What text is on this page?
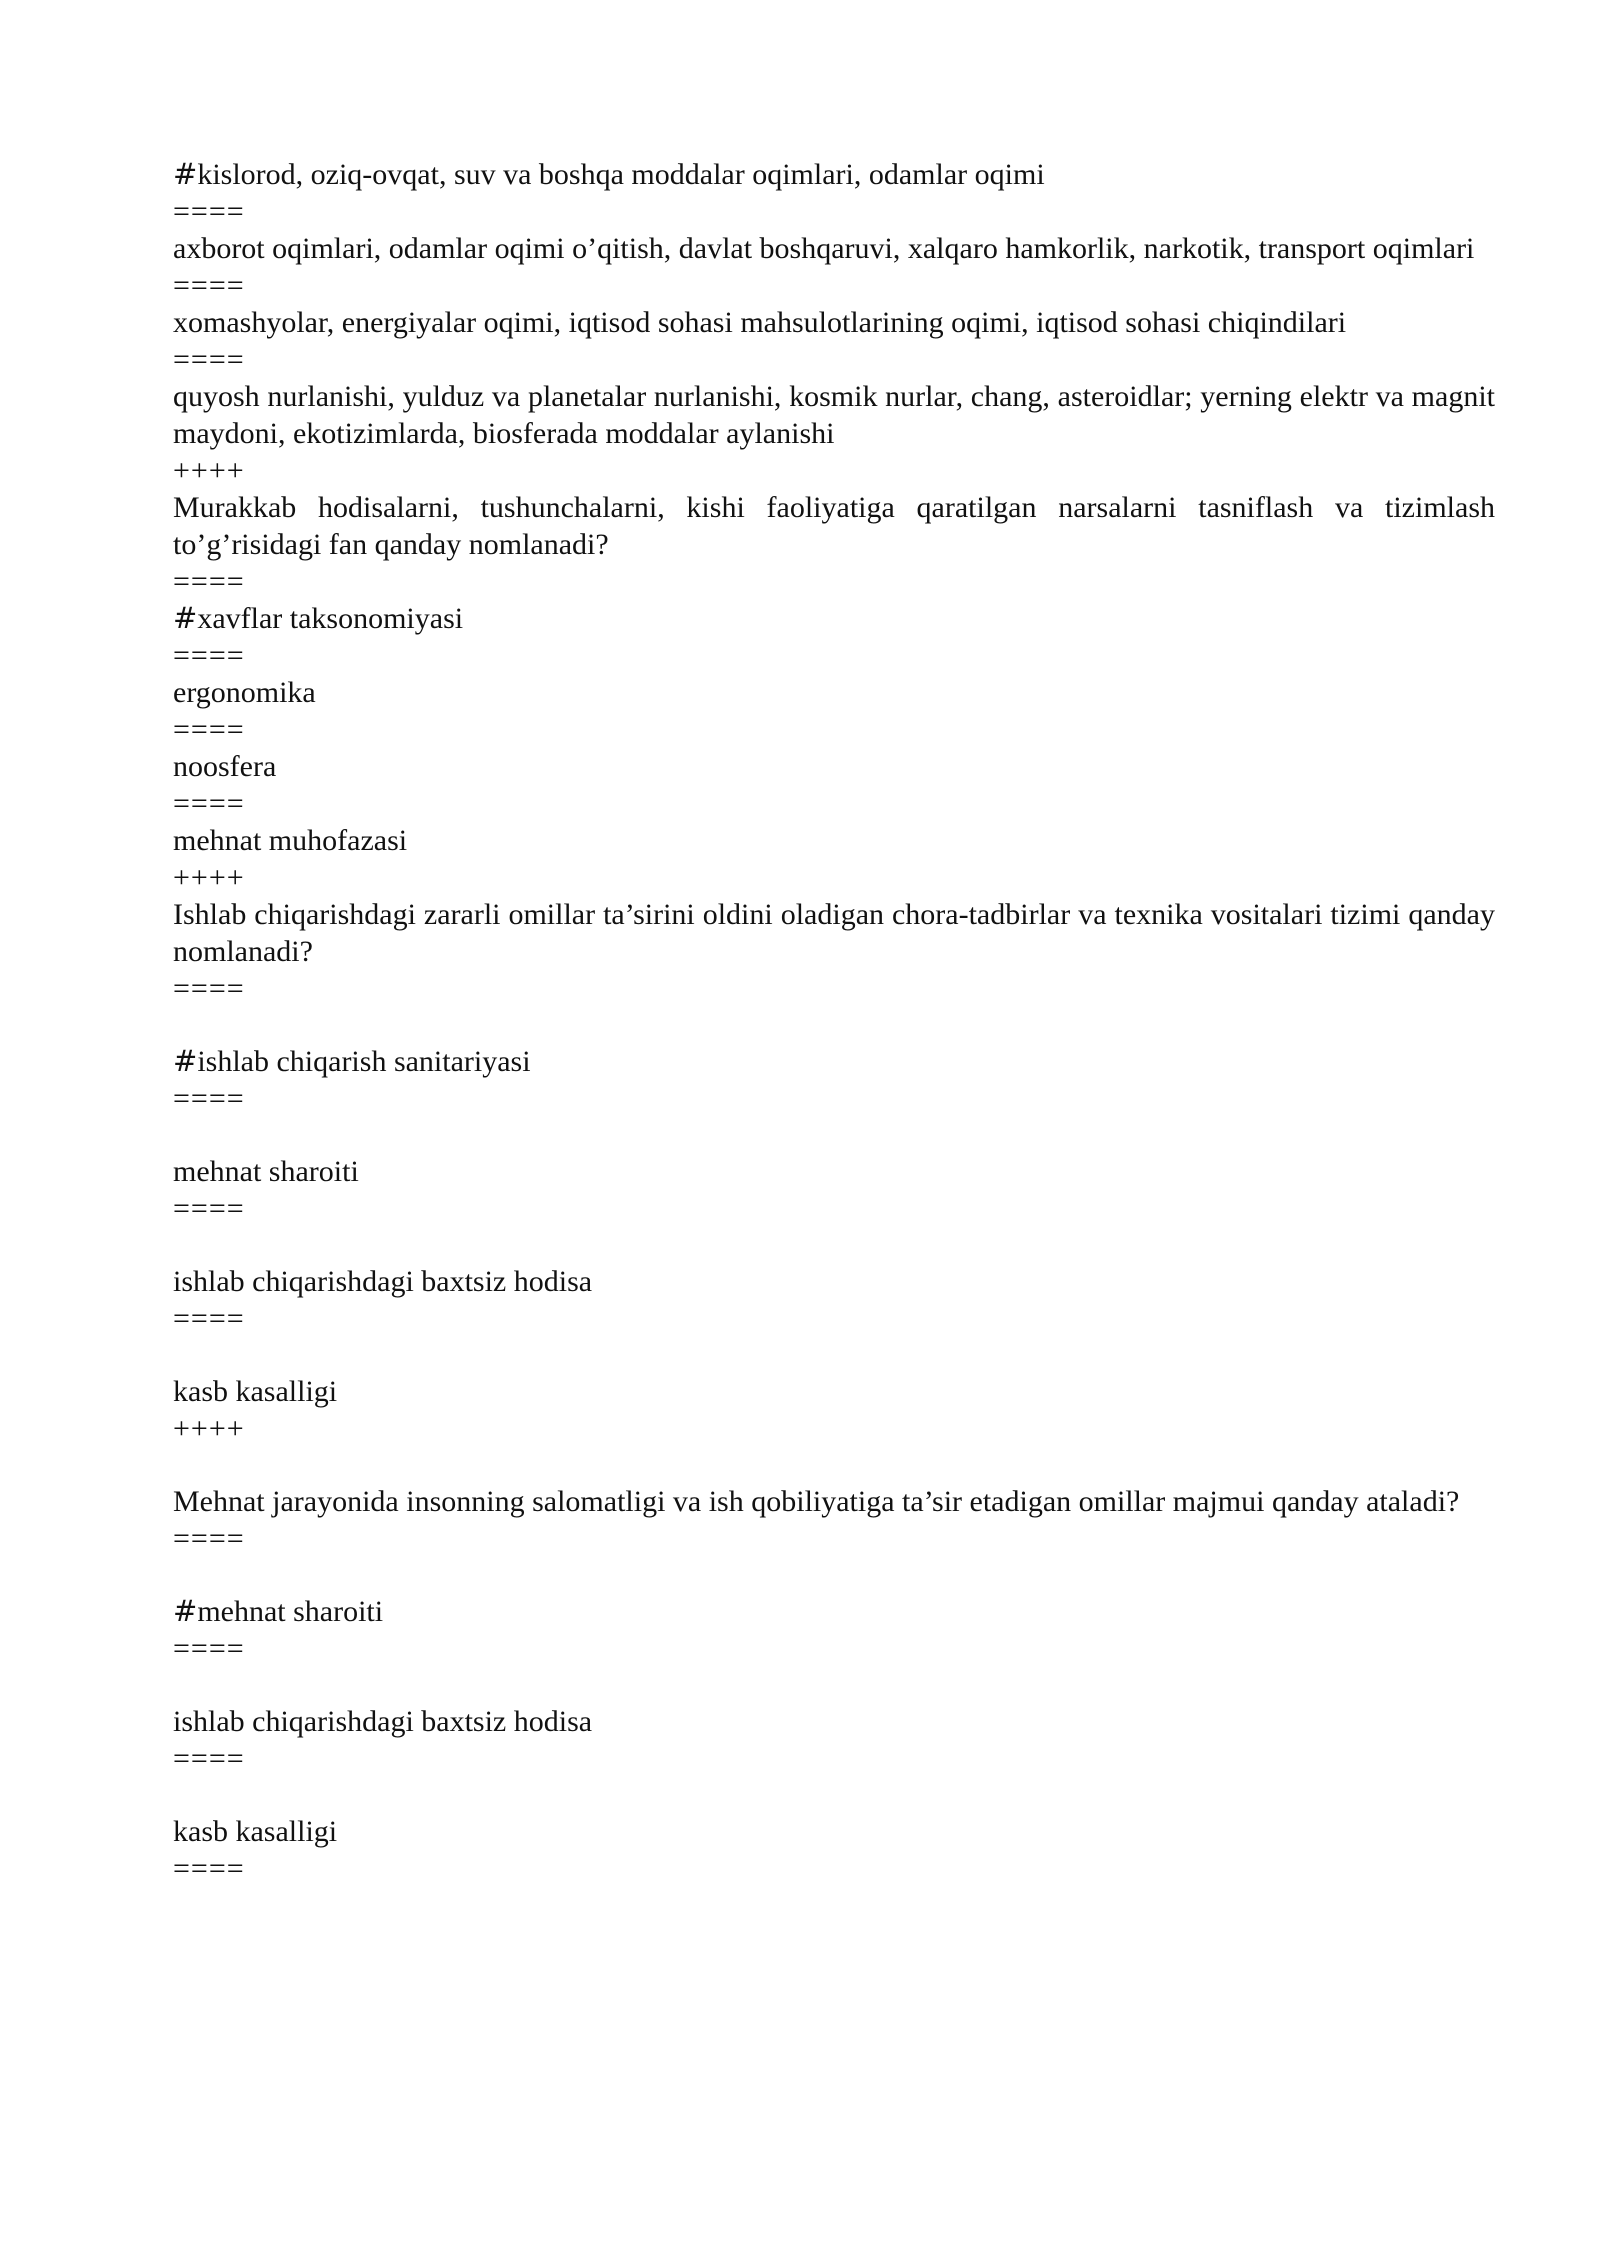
#kislorod, oziq-ovqat, suv va boshqa moddalar oqimlari, odamlar oqimi
====
axborot oqimlari, odamlar oqimi o’qitish, davlat boshqaruvi, xalqaro hamkorlik, narkotik, transport oqimlari
====
xomashyolar, energiyalar oqimi, iqtisod sohasi mahsulotlarining oqimi, iqtisod sohasi chiqindilari
====
quyosh nurlanishi, yulduz va planetalar nurlanishi, kosmik nurlar, chang, asteroidlar; yerning elektr va magnit maydoni, ekotizimlarda, biosferada moddalar aylanishi
++++
Murakkab hodisalarni, tushunchalarni, kishi faoliyatiga qaratilgan narsalarni tasniflash va tizimlash to’g’risidagi fan qanday nomlanadi?
====
#xavflar taksonomiyasi
====
ergonomika
====
noosfera
====
mehnat muhofazasi
++++
Ishlab chiqarishdagi zararli omillar ta’sirini oldini oladigan chora-tadbirlar va texnika vositalari tizimi qanday nomlanadi?
====
#ishlab chiqarish sanitariyasi
====
mehnat sharoiti
====
ishlab chiqarishdagi baxtsiz hodisa
====
kasb kasalligi
++++
Mehnat jarayonida insonning salomatligi va ish qobiliyatiga ta’sir etadigan omillar majmui qanday ataladi?
====
#mehnat sharoiti
====
ishlab chiqarishdagi baxtsiz hodisa
====
kasb kasalligi
====
